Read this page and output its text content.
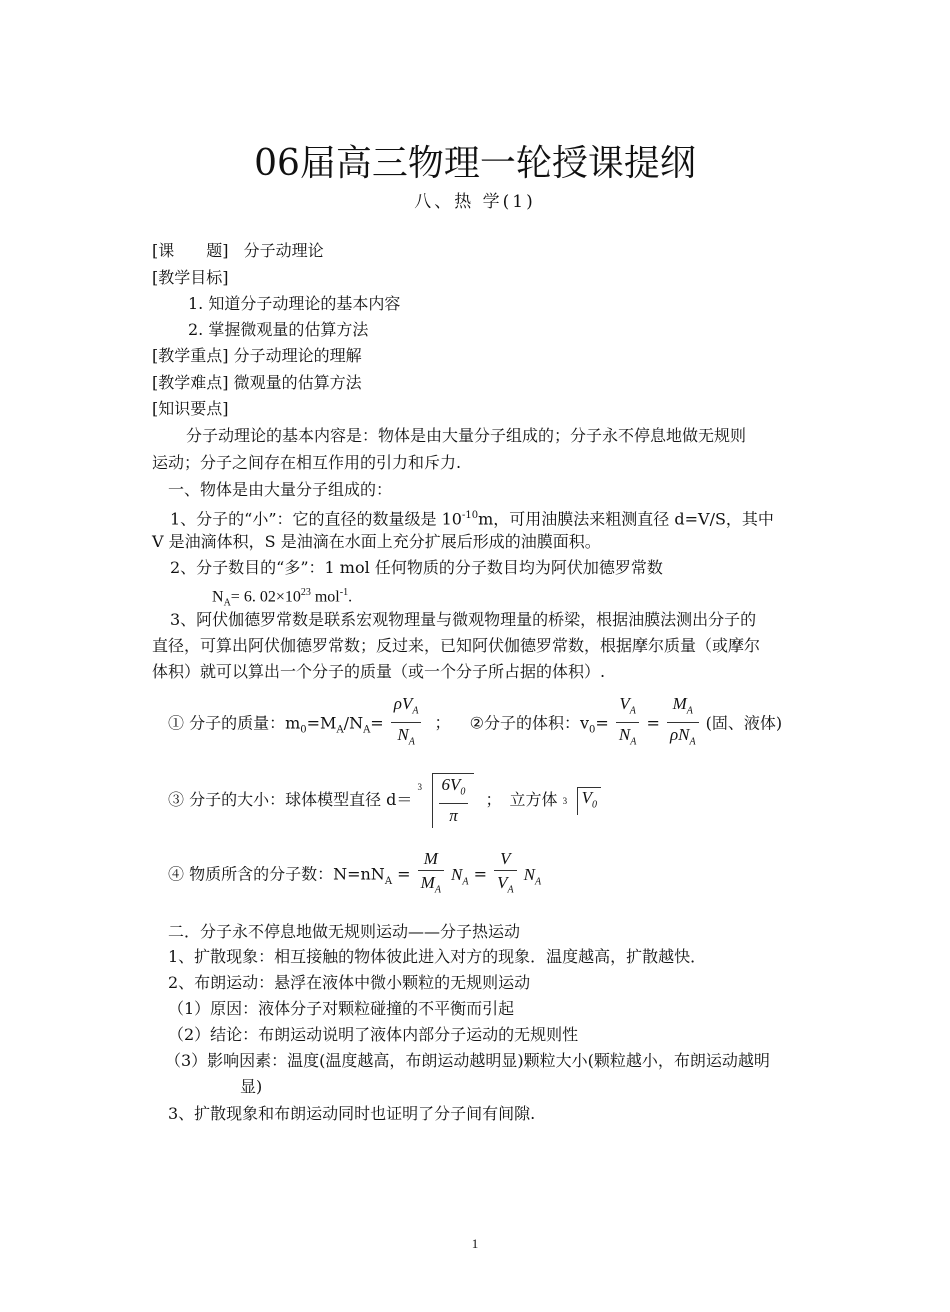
06届高三物理一轮授课提纲
八、热 学(1)
[课　　题] 分子动理论
[教学目标]
1. 知道分子动理论的基本内容
2. 掌握微观量的估算方法
[教学重点] 分子动理论的理解
[教学难点] 微观量的估算方法
[知识要点]
分子动理论的基本内容是：物体是由大量分子组成的；分子永不停息地做无规则
运动；分子之间存在相互作用的引力和斥力.
一、物体是由大量分子组成的：
1、分子的“小”：它的直径的数量级是 $10^{-10}m$，可用油膜法来粗测直径 d=V/S，其中
V 是油滴体积，S 是油滴在水面上充分扩展后形成的油膜面积。
2、分子数目的“多”：1 mol 任何物质的分子数目均为阿伏加德罗常数
$N_A= 6$. $02\times 10^{23}$ mol$^{-1}$.
3、阿伏伽德罗常数是联系宏观物理量与微观物理量的桥梁，根据油膜法测出分子的
直径，可算出阿伏伽德罗常数；反过来，已知阿伏伽德罗常数，根据摩尔质量（或摩尔
体积）就可以算出一个分子的质量（或一个分子所占据的体积）.
① 分子的质量：$m_0=M_A/N_A= \frac{\rho V_A}{N_A}$ ； ②分子的体积：$v_0= \frac{V_A}{N_A} = \frac{M_A}{\rho N_A}$ (固、液体)
③ 分子的大小：球体模型直径 d＝
$3 \frac{6V_0}{\pi}$ ；　立方体 3 $V_0$
④ 物质所含的分子数：$N=nN_A = \frac{M}{M_A} N_A = \frac{V}{V_A} N_A$
二．分子永不停息地做无规则运动——分子热运动
1、扩散现象：相互接触的物体彼此进入对方的现象．温度越高，扩散越快．
2、布朗运动：悬浮在液体中微小颗粒的无规则运动
（1）原因：液体分子对颗粒碰撞的不平衡而引起
（2）结论：布朗运动说明了液体内部分子运动的无规则性
（3）影响因素：温度(温度越高，布朗运动越明显)颗粒大小(颗粒越小，布朗运动越明
显)
3、扩散现象和布朗运动同时也证明了分子间有间隙.
1
